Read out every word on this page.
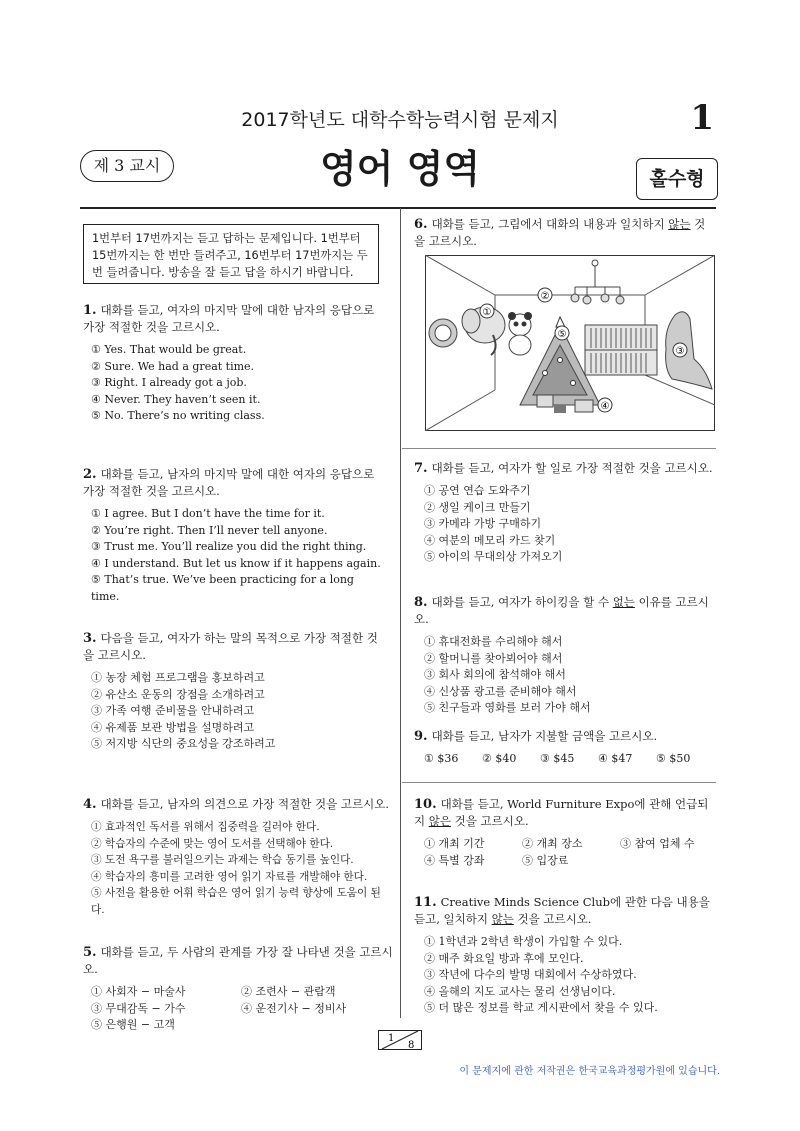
2017학년도 대학수학능력시험 문제지	1
제 3 교시	영어 영역	홀수형
1번부터 17번까지는 듣고 답하는 문제입니다. 1번부터 15번까지는 한 번만 들려주고, 16번부터 17번까지는 두 번 들려줍니다. 방송을 잘 듣고 답을 하시기 바랍니다.
1. 대화를 듣고, 여자의 마지막 말에 대한 남자의 응답으로 가장 적절한 것을 고르시오.
① Yes. That would be great.
② Sure. We had a great time.
③ Right. I already got a job.
④ Never. They haven’t seen it.
⑤ No. There’s no writing class.
2. 대화를 듣고, 남자의 마지막 말에 대한 여자의 응답으로 가장 적절한 것을 고르시오.
① I agree. But I don’t have the time for it.
② You’re right. Then I’ll never tell anyone.
③ Trust me. You’ll realize you did the right thing.
④ I understand. But let us know if it happens again.
⑤ That’s true. We’ve been practicing for a long time.
3. 다음을 듣고, 여자가 하는 말의 목적으로 가장 적절한 것을 고르시오.
① 농장 체험 프로그램을 홍보하려고
② 유산소 운동의 장점을 소개하려고
③ 가족 여행 준비물을 안내하려고
④ 유제품 보관 방법을 설명하려고
⑤ 저지방 식단의 중요성을 강조하려고
4. 대화를 듣고, 남자의 의견으로 가장 적절한 것을 고르시오.
① 효과적인 독서를 위해서 집중력을 길러야 한다.
② 학습자의 수준에 맞는 영어 도서를 선택해야 한다.
③ 도전 욕구를 불러일으키는 과제는 학습 동기를 높인다.
④ 학습자의 흥미를 고려한 영어 읽기 자료를 개발해야 한다.
⑤ 사전을 활용한 어휘 학습은 영어 읽기 능력 향상에 도움이 된다.
5. 대화를 듣고, 두 사람의 관계를 가장 잘 나타낸 것을 고르시오.
① 사회자 − 마술사	② 조련사 − 관람객
③ 무대감독 − 가수	④ 운전기사 − 정비사
⑤ 은행원 − 고객
6. 대화를 듣고, 그림에서 대화의 내용과 일치하지 않는 것을 고르시오.
①
②
③
④
⑤
7. 대화를 듣고, 여자가 할 일로 가장 적절한 것을 고르시오.
① 공연 연습 도와주기
② 생일 케이크 만들기
③ 카메라 가방 구매하기
④ 여분의 메모리 카드 찾기
⑤ 아이의 무대의상 가져오기
8. 대화를 듣고, 여자가 하이킹을 할 수 없는 이유를 고르시오.
① 휴대전화를 수리해야 해서
② 할머니를 찾아뵈어야 해서
③ 회사 회의에 참석해야 해서
④ 신상품 광고를 준비해야 해서
⑤ 친구들과 영화를 보러 가야 해서
9. 대화를 듣고, 남자가 지불할 금액을 고르시오.
① $36	② $40	③ $45	④ $47	⑤ $50
10. 대화를 듣고, World Furniture Expo에 관해 언급되지 않은 것을 고르시오.
① 개최 기간	② 개최 장소	③ 참여 업체 수
④ 특별 강좌	⑤ 입장료
11. Creative Minds Science Club에 관한 다음 내용을 듣고, 일치하지 않는 것을 고르시오.
① 1학년과 2학년 학생이 가입할 수 있다.
② 매주 화요일 방과 후에 모인다.
③ 작년에 다수의 발명 대회에서 수상하였다.
④ 올해의 지도 교사는 물리 선생님이다.
⑤ 더 많은 정보를 학교 게시판에서 찾을 수 있다.
1
8
이 문제지에 관한 저작권은 한국교육과정평가원에 있습니다.
